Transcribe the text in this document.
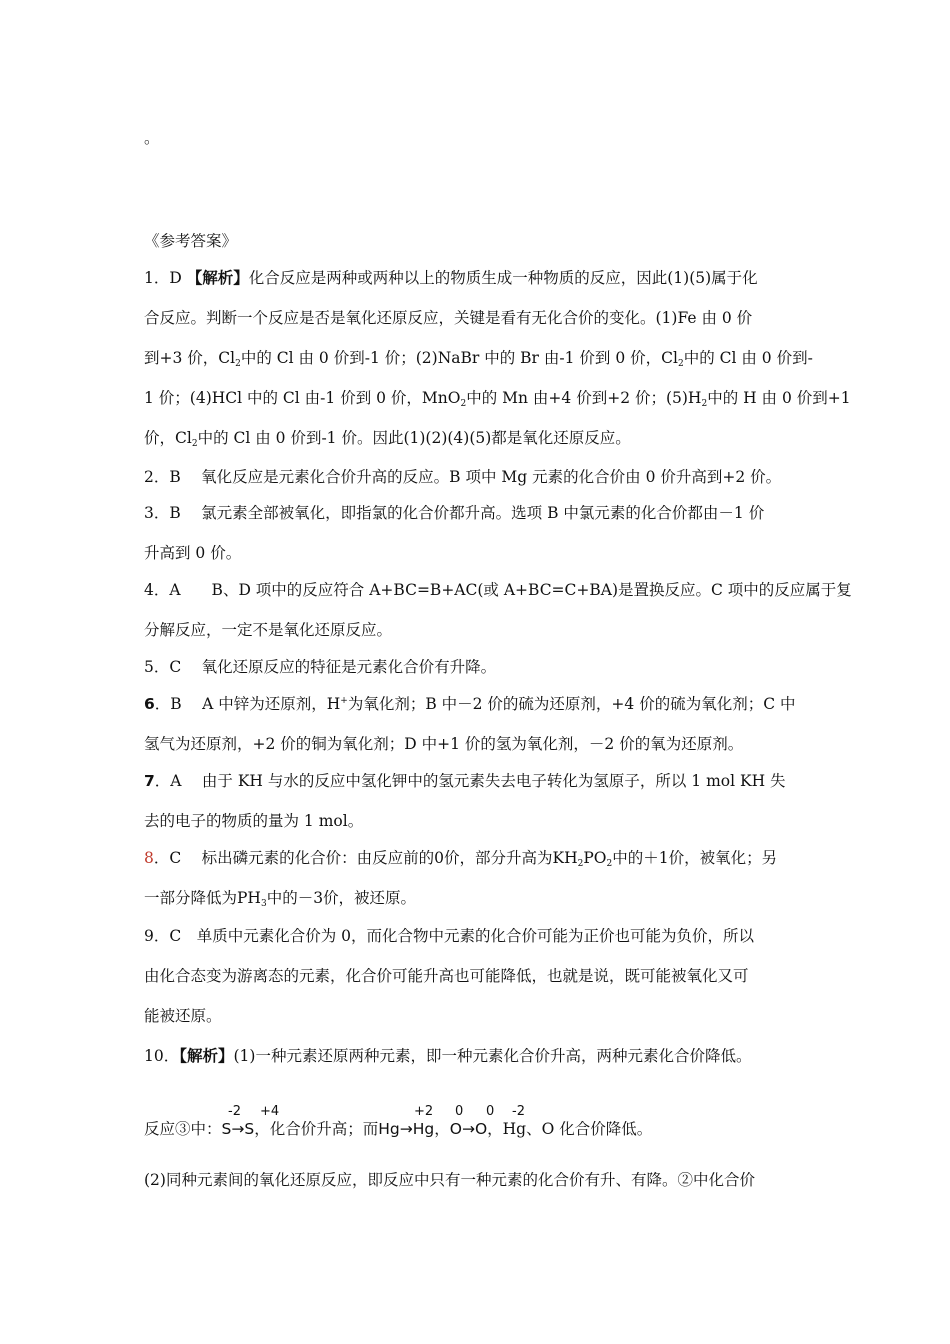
。
《参考答案》
1．D 【解析】化合反应是两种或两种以上的物质生成一种物质的反应，因此(1)(5)属于化
合反应。判断一个反应是否是氧化还原反应，关键是看有无化合价的变化。(1)Fe 由 0 价
到+3 价，$Cl_2$中的 Cl 由 0 价到-1 价；(2)NaBr 中的 Br 由-1 价到 0 价，$Cl_2$中的 Cl 由 0 价到-
1 价；(4)HCl 中的 Cl 由-1 价到 0 价，MnO$_2$中的 Mn 由+4 价到+2 价；$(5)H_2$中的 H 由 0 价到+1
价，$Cl_2$中的 Cl 由 0 价到-1 价。因此(1)(2)(4)(5)都是氧化还原反应。
2．B　 氧化反应是元素化合价升高的反应。B 项中 Mg 元素的化合价由 0 价升高到+2 价。
3．B　 氯元素全部被氧化，即指氯的化合价都升高。选项 B 中氯元素的化合价都由－1 价
升高到 0 价。
4．A　　B、D 项中的反应符合 A+BC=B+AC(或 A+BC=C+BA)是置换反应。C 项中的反应属于复
分解反应，一定不是氧化还原反应。
5．C　 氧化还原反应的特征是元素化合价有升降。
6．B　 A 中锌为还原剂，H+为氧化剂；B 中－2 价的硫为还原剂，+4 价的硫为氧化剂；C 中
氢气为还原剂，+2 价的铜为氧化剂；D 中+1 价的氢为氧化剂，－2 价的氧为还原剂。
7．A　 由于 KH 与水的反应中氢化钾中的氢元素失去电子转化为氢原子，所以 1 mol KH 失
去的电子的物质的量为 1 mol。
8．C　 标出磷元素的化合价：由反应前的0价，部分升高为$KH_2PO_2$中的＋1价，被氧化；另
一部分降低为$PH_3$中的－3价，被还原。
9．C　单质中元素化合价为 0，而化合物中元素的化合价可能为正价也可能为负价，所以
由化合态变为游离态的元素，化合价可能升高也可能降低，也就是说，既可能被氧化又可
能被还原。
10．【解析】(1)一种元素还原两种元素，即一种元素化合价升高，两种元素化合价降低。
反应③中：S→S，化合价升高；而Hg→Hg，O→O，Hg、O 化合价降低。
-2 +4	+2 0 0 -2
(2)同种元素间的氧化还原反应，即反应中只有一种元素的化合价有升、有降。②中化合价
